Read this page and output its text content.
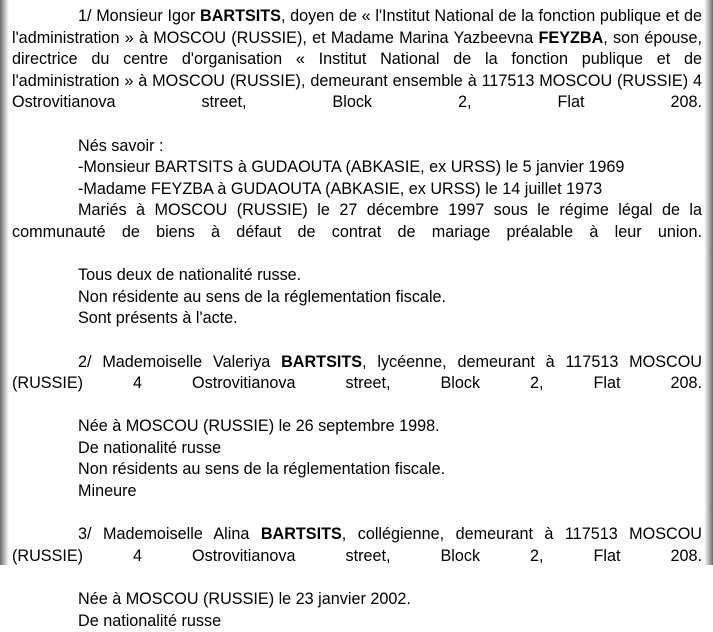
1/ Monsieur Igor BARTSITS, doyen de « l'Institut National de la fonction publique et de l'administration » à MOSCOU (RUSSIE), et Madame Marina Yazbeevna FEYZBA, son épouse, directrice du centre d'organisation « Institut National de la fonction publique et de l'administration » à MOSCOU (RUSSIE), demeurant ensemble à 117513 MOSCOU (RUSSIE) 4 Ostrovitianova street, Block 2, Flat 208.
Nés savoir :
-Monsieur BARTSITS à GUDAOUTA (ABKASIE, ex URSS) le 5 janvier 1969
-Madame FEYZBA à GUDAOUTA (ABKASIE, ex URSS) le 14 juillet 1973
Mariés à MOSCOU (RUSSIE) le 27 décembre 1997 sous le régime légal de la communauté de biens à défaut de contrat de mariage préalable à leur union.
Tous deux de nationalité russe.
Non résidente au sens de la réglementation fiscale.
Sont présents à l'acte.
2/ Mademoiselle Valeriya BARTSITS, lycéenne, demeurant à 117513 MOSCOU (RUSSIE) 4 Ostrovitianova street, Block 2, Flat 208.
Née à MOSCOU (RUSSIE) le 26 septembre 1998.
De nationalité russe
Non résidents au sens de la réglementation fiscale.
Mineure
3/ Mademoiselle Alina BARTSITS, collégienne, demeurant à 117513 MOSCOU (RUSSIE) 4 Ostrovitianova street, Block 2, Flat 208.
Née à MOSCOU (RUSSIE) le 23 janvier 2002.
De nationalité russe
